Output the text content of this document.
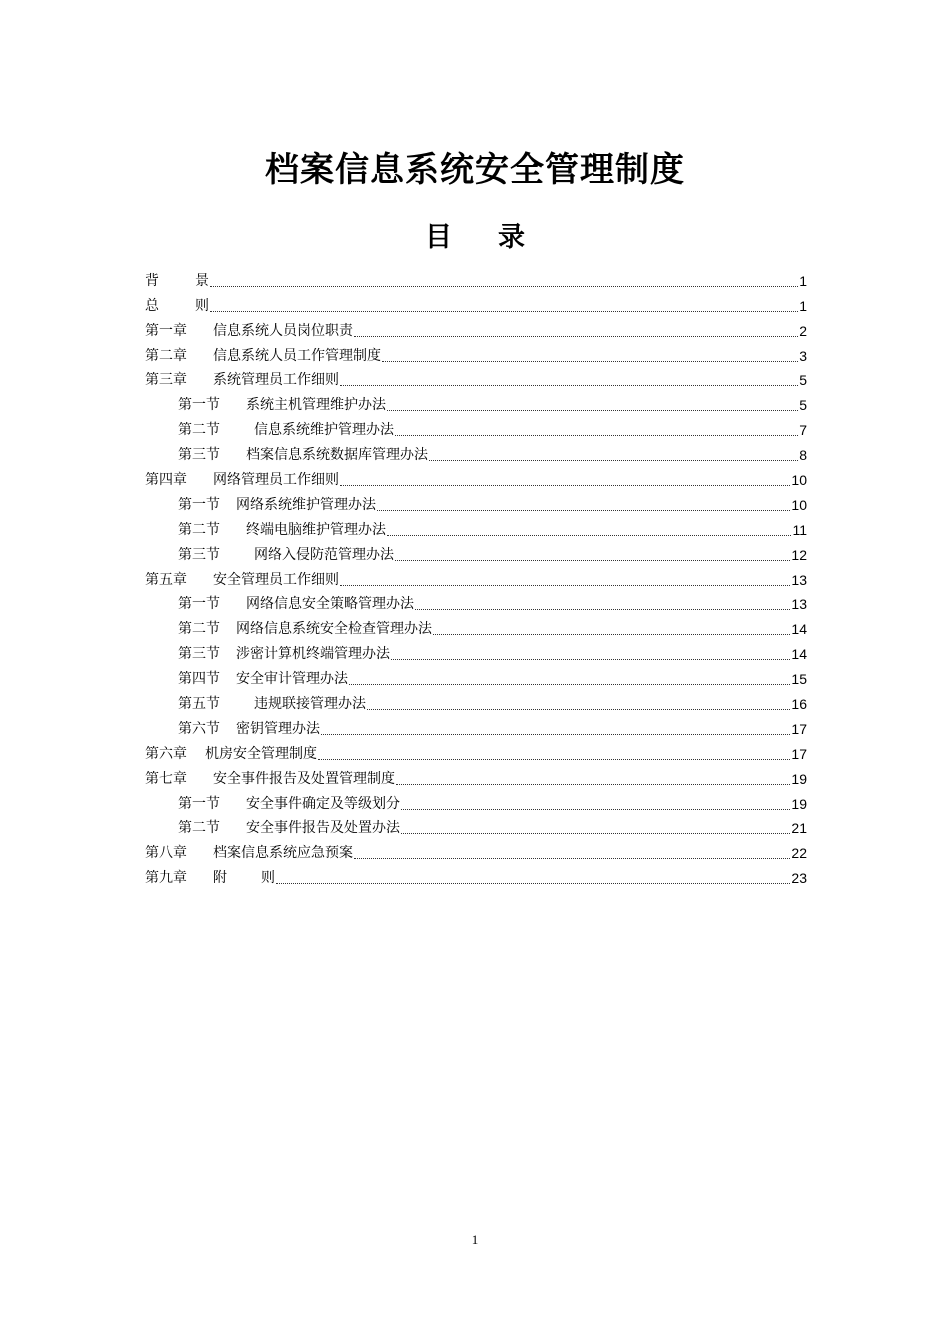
档案信息系统安全管理制度
目 录
背	景	1
总	则	1
第一章 信息系统人员岗位职责	2
第二章 信息系统人员工作管理制度	3
第三章 系统管理员工作细则	5
第一节 系统主机管理维护办法	5
第二节 信息系统维护管理办法	7
第三节 档案信息系统数据库管理办法	8
第四章 网络管理员工作细则	10
第一节 网络系统维护管理办法	10
第二节 终端电脑维护管理办法	11
第三节 网络入侵防范管理办法	12
第五章 安全管理员工作细则	13
第一节 网络信息安全策略管理办法	13
第二节 网络信息系统安全检查管理办法	14
第三节 涉密计算机终端管理办法	14
第四节 安全审计管理办法	15
第五节 违规联接管理办法	16
第六节 密钥管理办法	17
第六章 机房安全管理制度	17
第七章 安全事件报告及处置管理制度	19
第一节 安全事件确定及等级划分	19
第二节 安全事件报告及处置办法	21
第八章 档案信息系统应急预案	22
第九章 附 则	23
1
